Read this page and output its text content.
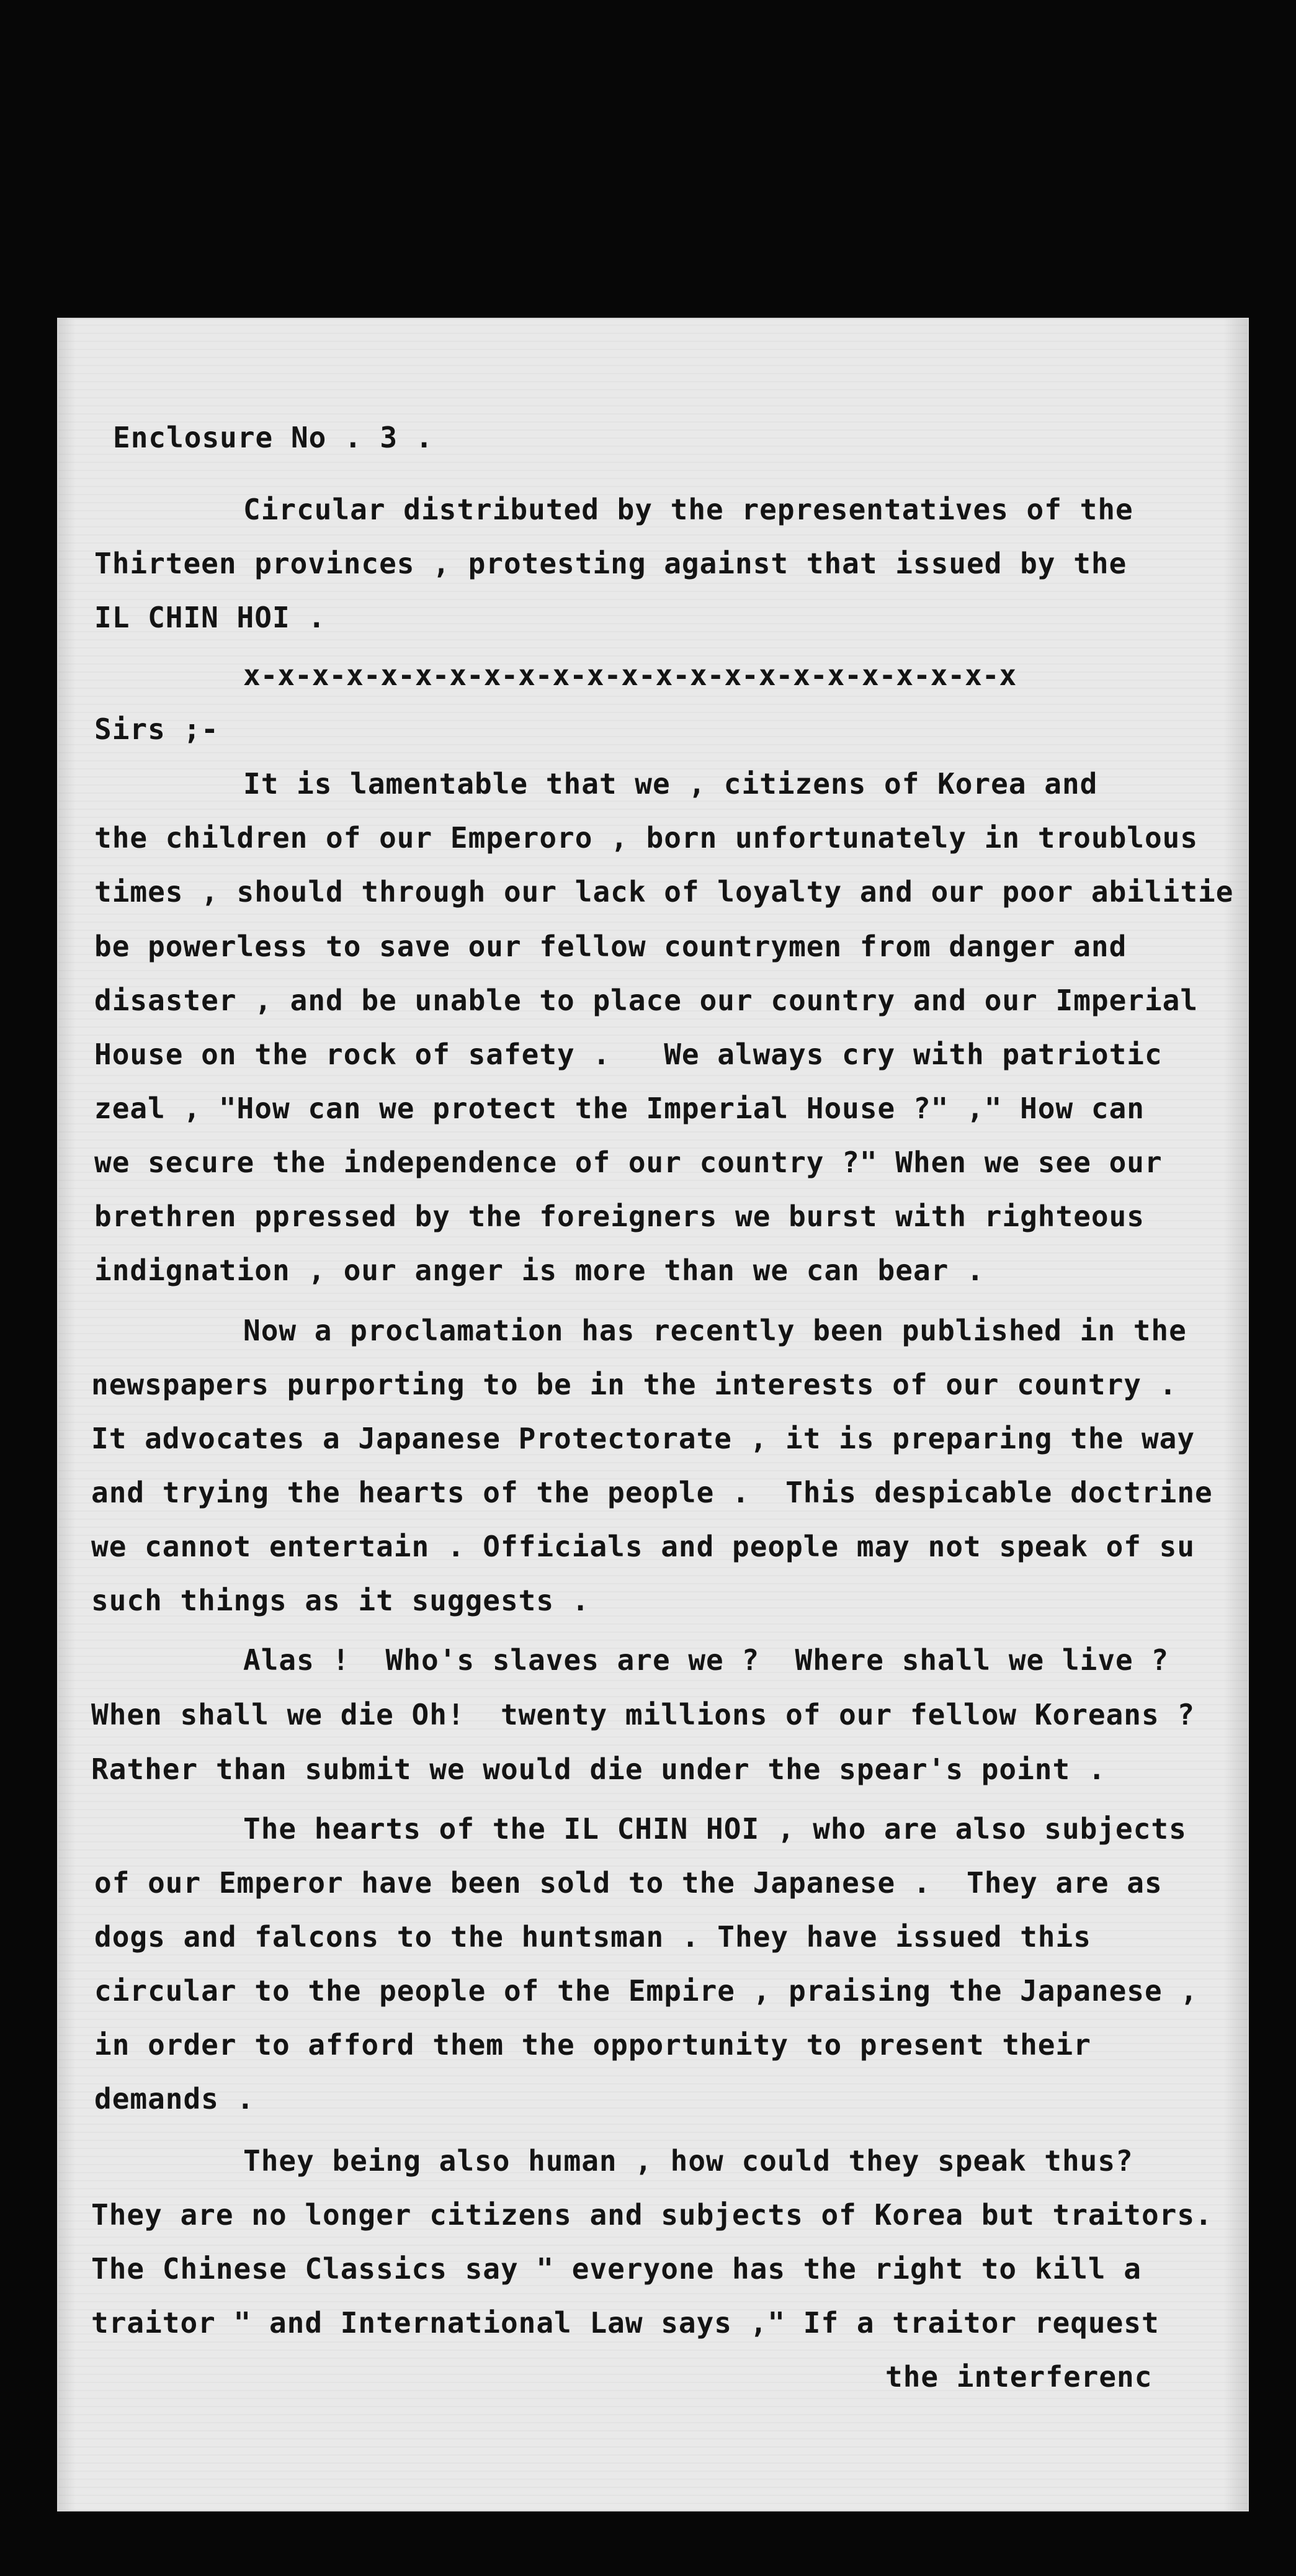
Enclosure No . 3 .
Circular distributed by the representatives of the
Thirteen provinces , protesting against that issued by the
IL CHIN HOI .
x-x-x-x-x-x-x-x-x-x-x-x-x-x-x-x-x-x-x-x-x-x-x
Sirs ;-
It is lamentable that we , citizens of Korea and
the children of our Emperoro , born unfortunately in troublous
times , should through our lack of loyalty and our poor abilitie
be powerless to save our fellow countrymen from danger and
disaster , and be unable to place our country and our Imperial
House on the rock of safety .   We always cry with patriotic
zeal , "How can we protect the Imperial House ?" ," How can
we secure the independence of our country ?" When we see our
brethren ppressed by the foreigners we burst with righteous
indignation , our anger is more than we can bear .
Now a proclamation has recently been published in the
newspapers purporting to be in the interests of our country .
It advocates a Japanese Protectorate , it is preparing the way
and trying the hearts of the people .  This despicable doctrine
we cannot entertain . Officials and people may not speak of su
such things as it suggests .
Alas !  Who's slaves are we ?  Where shall we live ?
When shall we die Oh!  twenty millions of our fellow Koreans ?
Rather than submit we would die under the spear's point .
The hearts of the IL CHIN HOI , who are also subjects
of our Emperor have been sold to the Japanese .  They are as
dogs and falcons to the huntsman . They have issued this
circular to the people of the Empire , praising the Japanese ,
in order to afford them the opportunity to present their
demands .
They being also human , how could they speak thus?
They are no longer citizens and subjects of Korea but traitors.
The Chinese Classics say " everyone has the right to kill a
traitor " and International Law says ," If a traitor request
the interferenc
